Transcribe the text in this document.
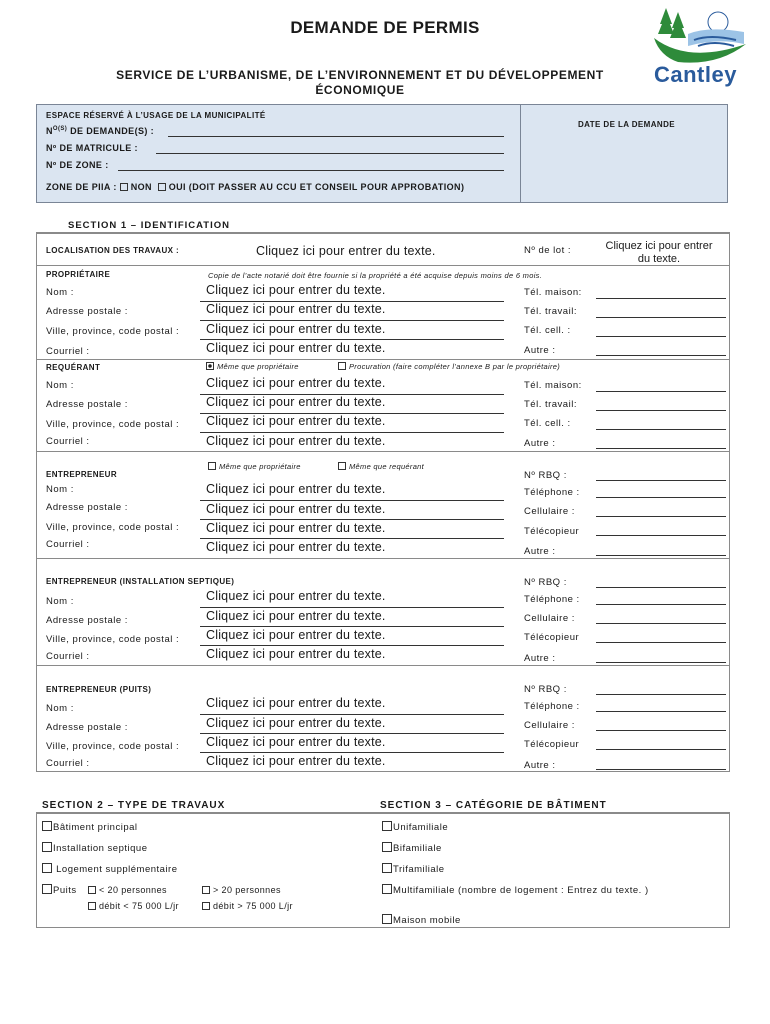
DEMANDE DE PERMIS
SERVICE DE L’URBANISME, DE L’ENVIRONNEMENT ET DU DÉVELOPPEMENT
ÉCONOMIQUE
Cantley
ESPACE RÉSERVÉ À L’USAGE DE LA MUNICIPALITÉ
DATE DE LA DEMANDE
$N^{O(S)}$ DE DEMANDE(S) :
Nº DE MATRICULE :
Nº DE ZONE :
ZONE DE PIIA : NON OUI (DOIT PASSER AU CCU ET CONSEIL POUR APPROBATION)
SECTION 1 – IDENTIFICATION
LOCALISATION DES TRAVAUX :	Cliquez ici pour entrer du texte.	Nº de lot :	Cliquez ici pour entrer
du texte.
PROPRIÉTAIRE	Copie de l’acte notarié doit être fournie si la propriété a été acquise depuis moins de 6 mois.
Nom :	Cliquez ici pour entrer du texte.	Tél. maison:
Adresse postale :	Cliquez ici pour entrer du texte.	Tél. travail:
Ville, province, code postal : Cliquez ici pour entrer du texte.	Tél. cell. :
Courriel :	Cliquez ici pour entrer du texte.	Autre :
REQUÉRANT	Même que propriétaire	Procuration (faire compléter l’annexe B par le propriétaire)
Nom :	Cliquez ici pour entrer du texte.	Tél. maison:
Adresse postale :	Cliquez ici pour entrer du texte.	Tél. travail:
Ville, province, code postal : Cliquez ici pour entrer du texte.	Tél. cell. :
Courriel :	Cliquez ici pour entrer du texte.	Autre :
Même que propriétaire	Même que requérant
ENTREPRENEUR	Nº RBQ :
Nom :	Cliquez ici pour entrer du texte.	Téléphone :
Adresse postale :	Cliquez ici pour entrer du texte.	Cellulaire :
Ville, province, code postal : Cliquez ici pour entrer du texte.	Télécopieur
Courriel :	Cliquez ici pour entrer du texte.	Autre :
ENTREPRENEUR (INSTALLATION SEPTIQUE)	Nº RBQ :
Nom :	Cliquez ici pour entrer du texte.	Téléphone :
Adresse postale :	Cliquez ici pour entrer du texte.	Cellulaire :
Ville, province, code postal : Cliquez ici pour entrer du texte.	Télécopieur
Courriel :	Cliquez ici pour entrer du texte.	Autre :
ENTREPRENEUR (PUITS)	Nº RBQ :
Nom :	Cliquez ici pour entrer du texte.	Téléphone :
Adresse postale :	Cliquez ici pour entrer du texte.	Cellulaire :
Ville, province, code postal : Cliquez ici pour entrer du texte.	Télécopieur
Courriel :	Cliquez ici pour entrer du texte.	Autre :
SECTION 2 – TYPE DE TRAVAUX	SECTION 3 – CATÉGORIE DE BÂTIMENT
Bâtiment principal
Installation septique
Logement supplémentaire
Puits	< 20 personnes	> 20 personnes
débit < 75 000 L/jr	débit > 75 000 L/jr
Unifamiliale
Bifamiliale
Trifamiliale
Multifamiliale (nombre de logement : Entrez du texte. )
Maison mobile
